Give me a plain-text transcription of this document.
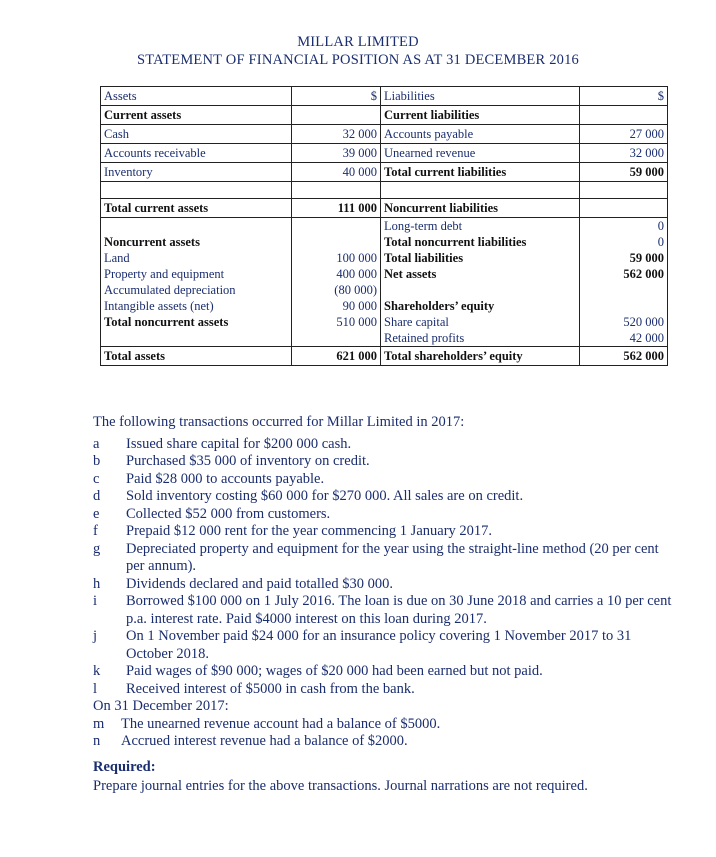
MILLAR LIMITED
STATEMENT OF FINANCIAL POSITION AS AT 31 DECEMBER 2016
Assets	$	Liabilities	$
Current assets		Current liabilities	
Cash	32 000	Accounts payable	27 000
Accounts receivable	39 000	Unearned revenue	32 000
Inventory	40 000	Total current liabilities	59 000

Total current assets	111 000	Noncurrent liabilities	
		Long-term debt	0
Noncurrent assets		Total noncurrent liabilities	0
Land	100 000	Total liabilities	59 000
Property and equipment	400 000	Net assets	562 000
Accumulated depreciation	(80 000)		
Intangible assets (net)	90 000	Shareholders’ equity	
Total noncurrent assets	510 000	Share capital	520 000
		Retained profits	42 000
Total assets	621 000	Total shareholders’ equity	562 000

The following transactions occurred for Millar Limited in 2017:

a	Issued share capital for $200 000 cash.
b	Purchased $35 000 of inventory on credit.
c	Paid $28 000 to accounts payable.
d	Sold inventory costing $60 000 for $270 000. All sales are on credit.
e	Collected $52 000 from customers.
f	Prepaid $12 000 rent for the year commencing 1 January 2017.
g	Depreciated property and equipment for the year using the straight-line method (20 per cent per annum).
h	Dividends declared and paid totalled $30 000.
i	Borrowed $100 000 on 1 July 2016. The loan is due on 30 June 2018 and carries a 10 per cent p.a. interest rate. Paid $4000 interest on this loan during 2017.
j	On 1 November paid $24 000 for an insurance policy covering 1 November 2017 to 31 October 2018.
k	Paid wages of $90 000; wages of $20 000 had been earned but not paid.
l	Received interest of $5000 in cash from the bank.

On 31 December 2017:

m	The unearned revenue account had a balance of $5000.
n	Accrued interest revenue had a balance of $2000.
Required:
Prepare journal entries for the above transactions. Journal narrations are not required.
